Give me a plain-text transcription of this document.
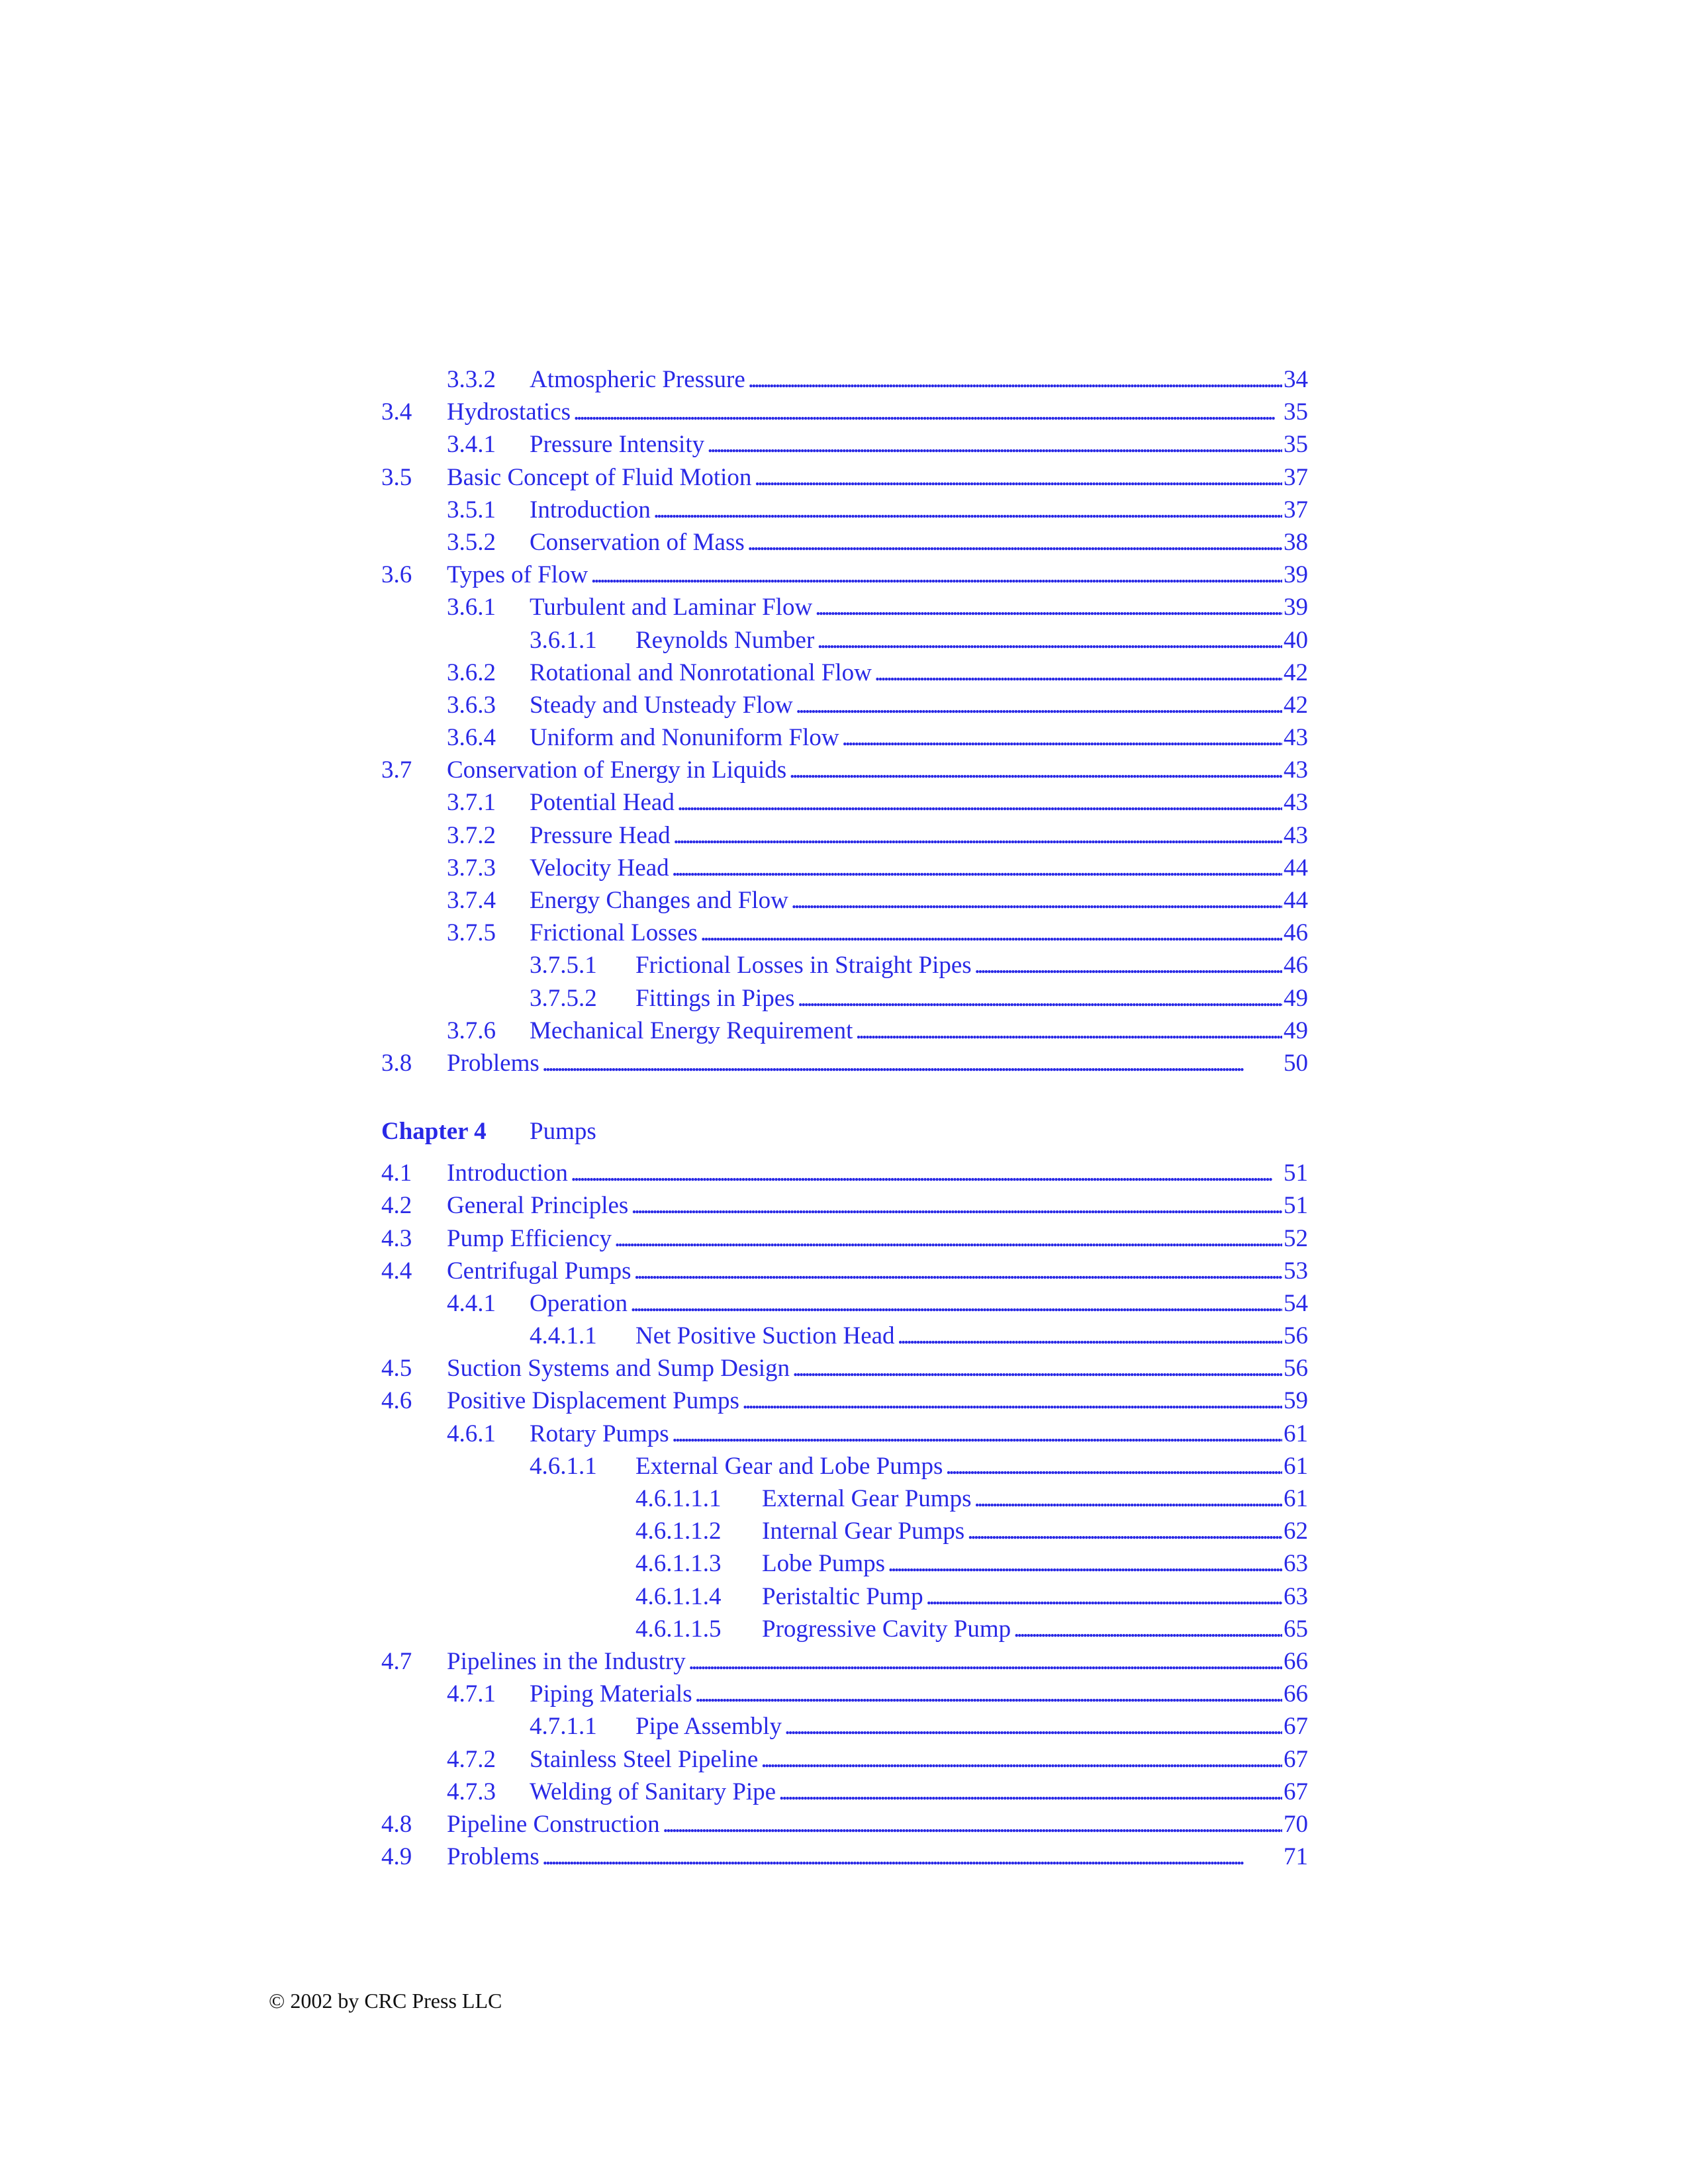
3.3.2 Atmospheric Pressure . . .	34
3.4 Hydrostatics . . .	35
3.4.1 Pressure Intensity . . .	35
3.5 Basic Concept of Fluid Motion . . .	37
3.5.1 Introduction . . .	37
3.5.2 Conservation of Mass . . .	38
3.6 Types of Flow . . .	39
3.6.1 Turbulent and Laminar Flow . . .	39
3.6.1.1 Reynolds Number . . .	40
3.6.2 Rotational and Nonrotational Flow . . .	42
3.6.3 Steady and Unsteady Flow . . .	42
3.6.4 Uniform and Nonuniform Flow . . .	43
3.7 Conservation of Energy in Liquids . . .	43
3.7.1 Potential Head . . .	43
3.7.2 Pressure Head . . .	43
3.7.3 Velocity Head . . .	44
3.7.4 Energy Changes and Flow . . .	44
3.7.5 Frictional Losses . . .	46
3.7.5.1 Frictional Losses in Straight Pipes . . .	46
3.7.5.2 Fittings in Pipes . . .	49
3.7.6 Mechanical Energy Requirement . . .	49
3.8 Problems . . .	50
Chapter 4 Pumps
4.1 Introduction . . .	51
4.2 General Principles . . .	51
4.3 Pump Efficiency . . .	52
4.4 Centrifugal Pumps . . .	53
4.4.1 Operation . . .	54
4.4.1.1 Net Positive Suction Head . . .	56
4.5 Suction Systems and Sump Design . . .	56
4.6 Positive Displacement Pumps . . .	59
4.6.1 Rotary Pumps . . .	61
4.6.1.1 External Gear and Lobe Pumps . . .	61
4.6.1.1.1 External Gear Pumps . . .	61
4.6.1.1.2 Internal Gear Pumps . . .	62
4.6.1.1.3 Lobe Pumps . . .	63
4.6.1.1.4 Peristaltic Pump . . .	63
4.6.1.1.5 Progressive Cavity Pump . . .	65
4.7 Pipelines in the Industry . . .	66
4.7.1 Piping Materials . . .	66
4.7.1.1 Pipe Assembly . . .	67
4.7.2 Stainless Steel Pipeline . . .	67
4.7.3 Welding of Sanitary Pipe . . .	67
4.8 Pipeline Construction . . .	70
4.9 Problems . . .	71
© 2002 by CRC Press LLC
